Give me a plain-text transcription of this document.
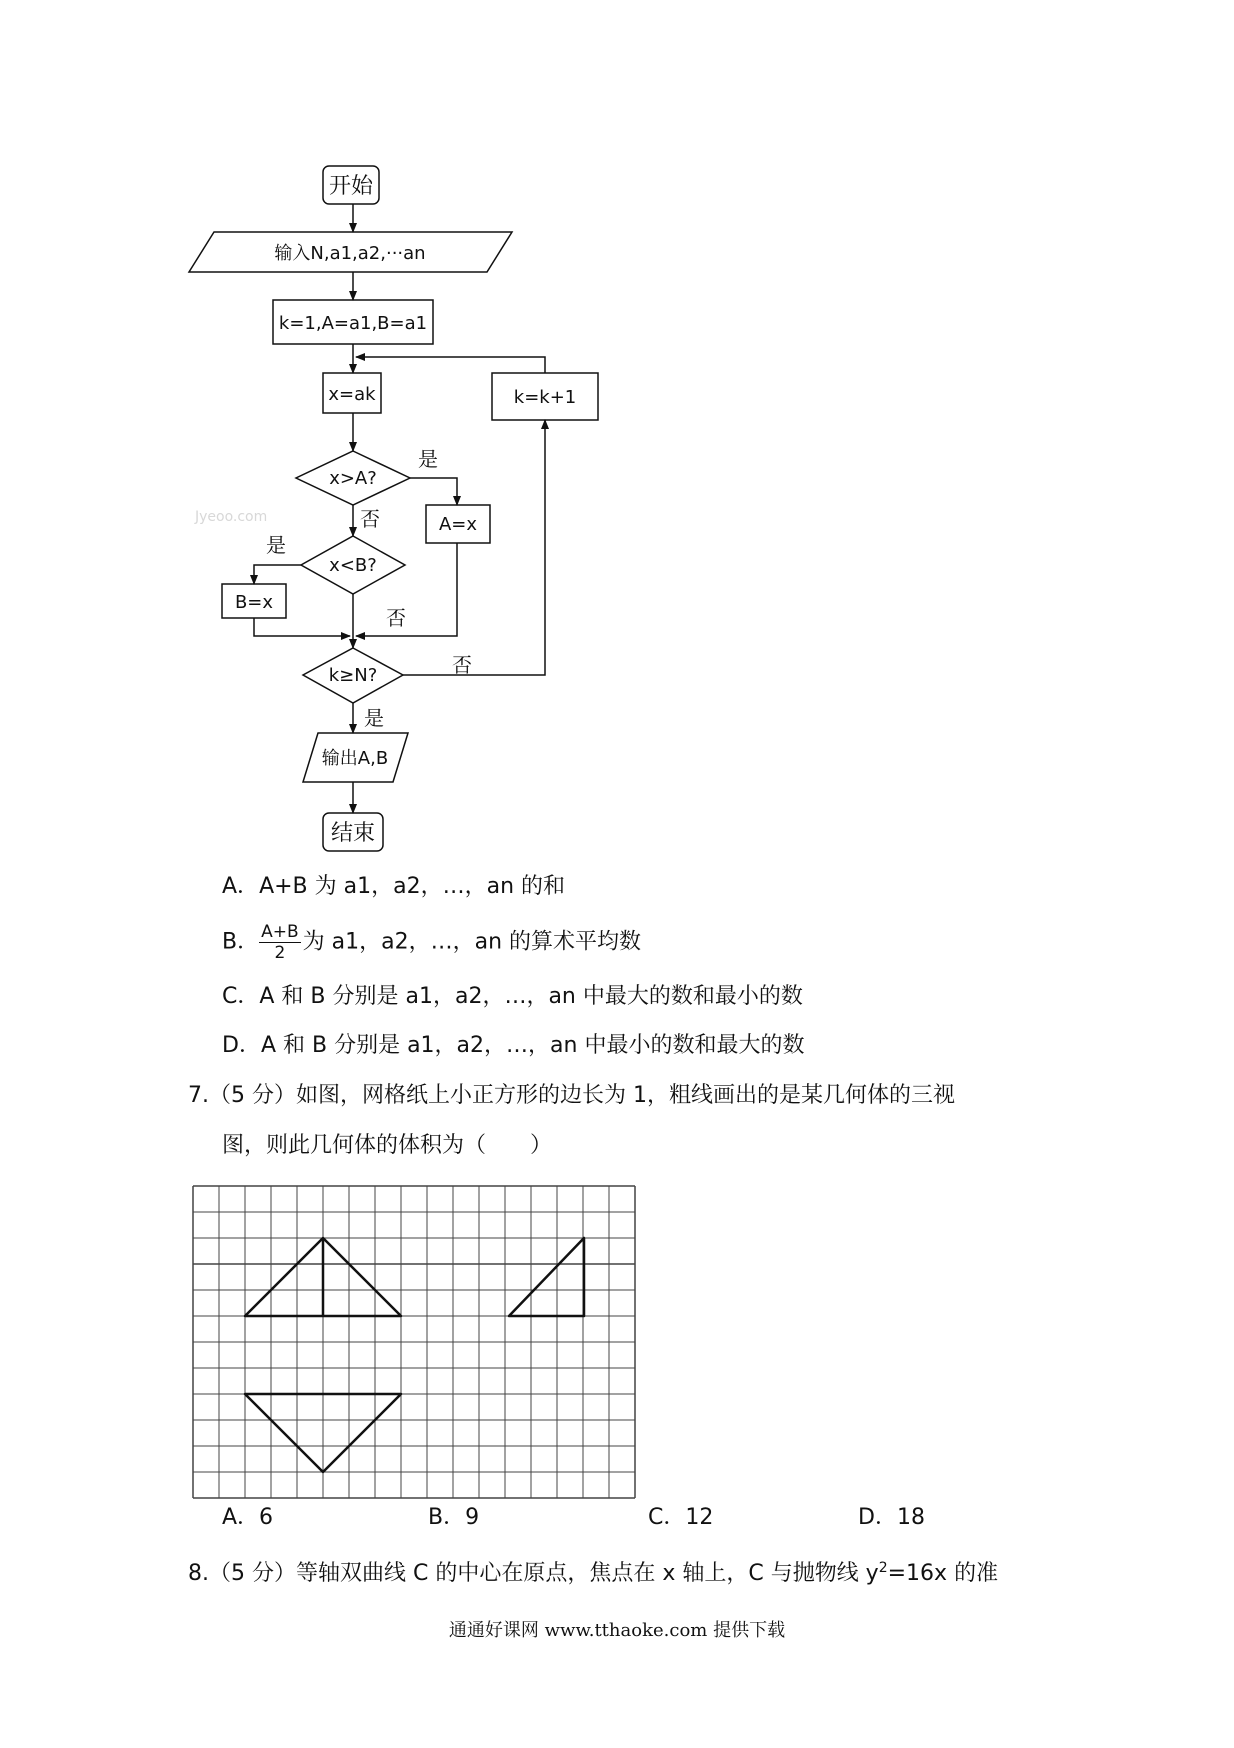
开始
结束
是
否
是
否
否
是
输入N,a1,a2,···an
k=1,A=a1,B=a1
x=ak	k=k+1
x>A?
A=x
x<B?
B=x
k≥N?
输出A,B
Jyeoo.com
A．A+B 为 a1，a2，…，an 的和
B． $\frac{A+B}{2}$ 为 a1，a2，…，an 的算术平均数
C．A 和 B 分别是 a1，a2，…，an 中最大的数和最小的数
D．A 和 B 分别是 a1，a2，…，an 中最小的数和最大的数
7.（5 分）如图，网格纸上小正方形的边长为 1，粗线画出的是某几何体的三视
图，则此几何体的体积为（　　）
A．6	B．9	C．12	D．18
8.（5 分）等轴双曲线 C 的中心在原点，焦点在 x 轴上，C 与抛物线 $y^2=16x$ 的准
通通好课网 www.tthaoke.com 提供下载
